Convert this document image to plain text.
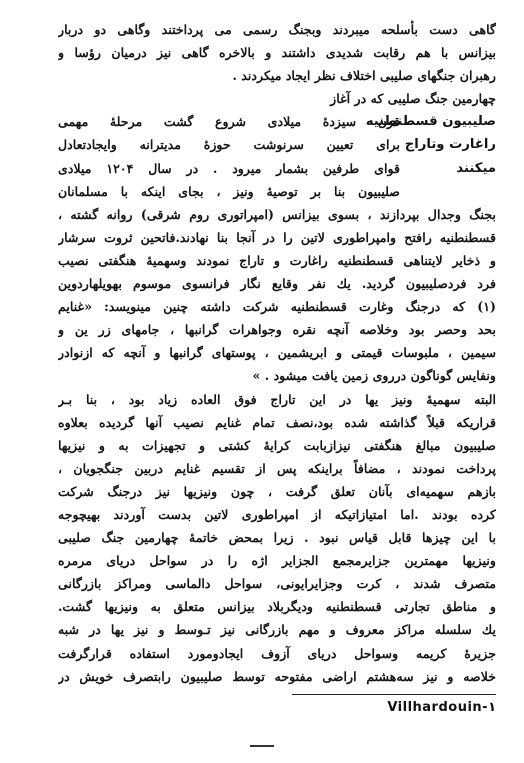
گاهی دست بأسلحه میبردند وبجنگ رسمی می پرداختند وگاهی دو دربار
بیزانس با هم رقابت شدیدی داشتند و بالاخره گاهی نیز درمیان رؤسا و
رهبران جنگهای صلیبی اختلاف نظر ایجاد میکردند .
چهارمین جنگ صلیبی که در آغاز
صلیبیون قسطنطنیه
راغارت وتاراج
میکنند
قرن سیزدهٔ میلادی شروع گشت مرحلهٔ مهمی
برای تعیین سرنوشت حوزهٔ مدیترانه وایجادتعادل
قوای طرفین بشمار میرود . در سال ۱۲۰۴ میلادی
صلیبیون بنا بر توصیهٔ ونیز ، بجای اینکه با مسلمانان
بجنگ وجدال بپردازند ، بسوی بیزانس (امپراتوری روم شرقی) روانه گشته ،
قسطنطنیه رافتح وامپراطوری لاتین را در آنجا بنا نهادند.فاتحین ثروت سرشار
و ذخایر لایتناهی قسطنطنیه راغارت و تاراج نمودند وسهمیهٔ هنگفتی نصیب
فرد فردصلیبیون گردید. یك نفر وقایع نگار فرانسوی موسوم بهویلهاردوین
(۱) که درجنگ وغارت قسطنطنیه شرکت داشته چنین مینویسد: «غنایم
بحد وحصر بود وخلاصه آنچه نقره وجواهرات گرانبها ، جامهای زر ین و
سیمین ، ملبوسات قیمتی و ابریشمین ، پوستهای گرانبها و آنچه که ازنوادر
ونفایس گوناگون درروی زمین یافت میشود . »
البته سهمیهٔ ونیز یها در این تاراج فوق العاده زیاد بود ، بنا بـر
قراریکه قبلاً گذاشته شده بود،نصف تمام غنایم نصیب آنها گردیده بعلاوه
صلیبیون مبالغ هنگفتی نیزازبابت کرایهٔ کشتی و تجهیزات به و نیزیها
پرداخت نمودند ، مضافاً براینکه پس از تقسیم غنایم دربین جنگجویان ،
بازهم سهمیه‌ای بآنان تعلق گرفت ، چون ونیزیها نیز درجنگ شرکت
کرده بودند .اما امتیازاتیکه از امپراطوری لاتین بدست آوردند بهیچوجه
با این چیزها قابل قیاس نبود . زیرا بمحض خاتمهٔ چهارمین جنگ صلیبی
ونیزیها مهمترین جزایرمجمع الجزایر اژه را در سواحل دریای مرمره
متصرف شدند ، کرت وجزایرایونی، سواحل دالماسی ومراکز بازرگانی
و مناطق تجارتی قسطنطنیه ودیگربلاد بیزانس متعلق به ونیزیها گشت.
یك سلسله مراکز معروف و مهم بازرگانی نیز تـوسط و نیز یها در شبه
جزیرهٔ کریمه وسواحل دریای آزوف ایجادومورد استفاده قرارگرفت
خلاصه و نیز سه‌هشتم اراضی مفتوحه توسط صلیبیون رابتصرف خویش در
Villhardouin-۱
